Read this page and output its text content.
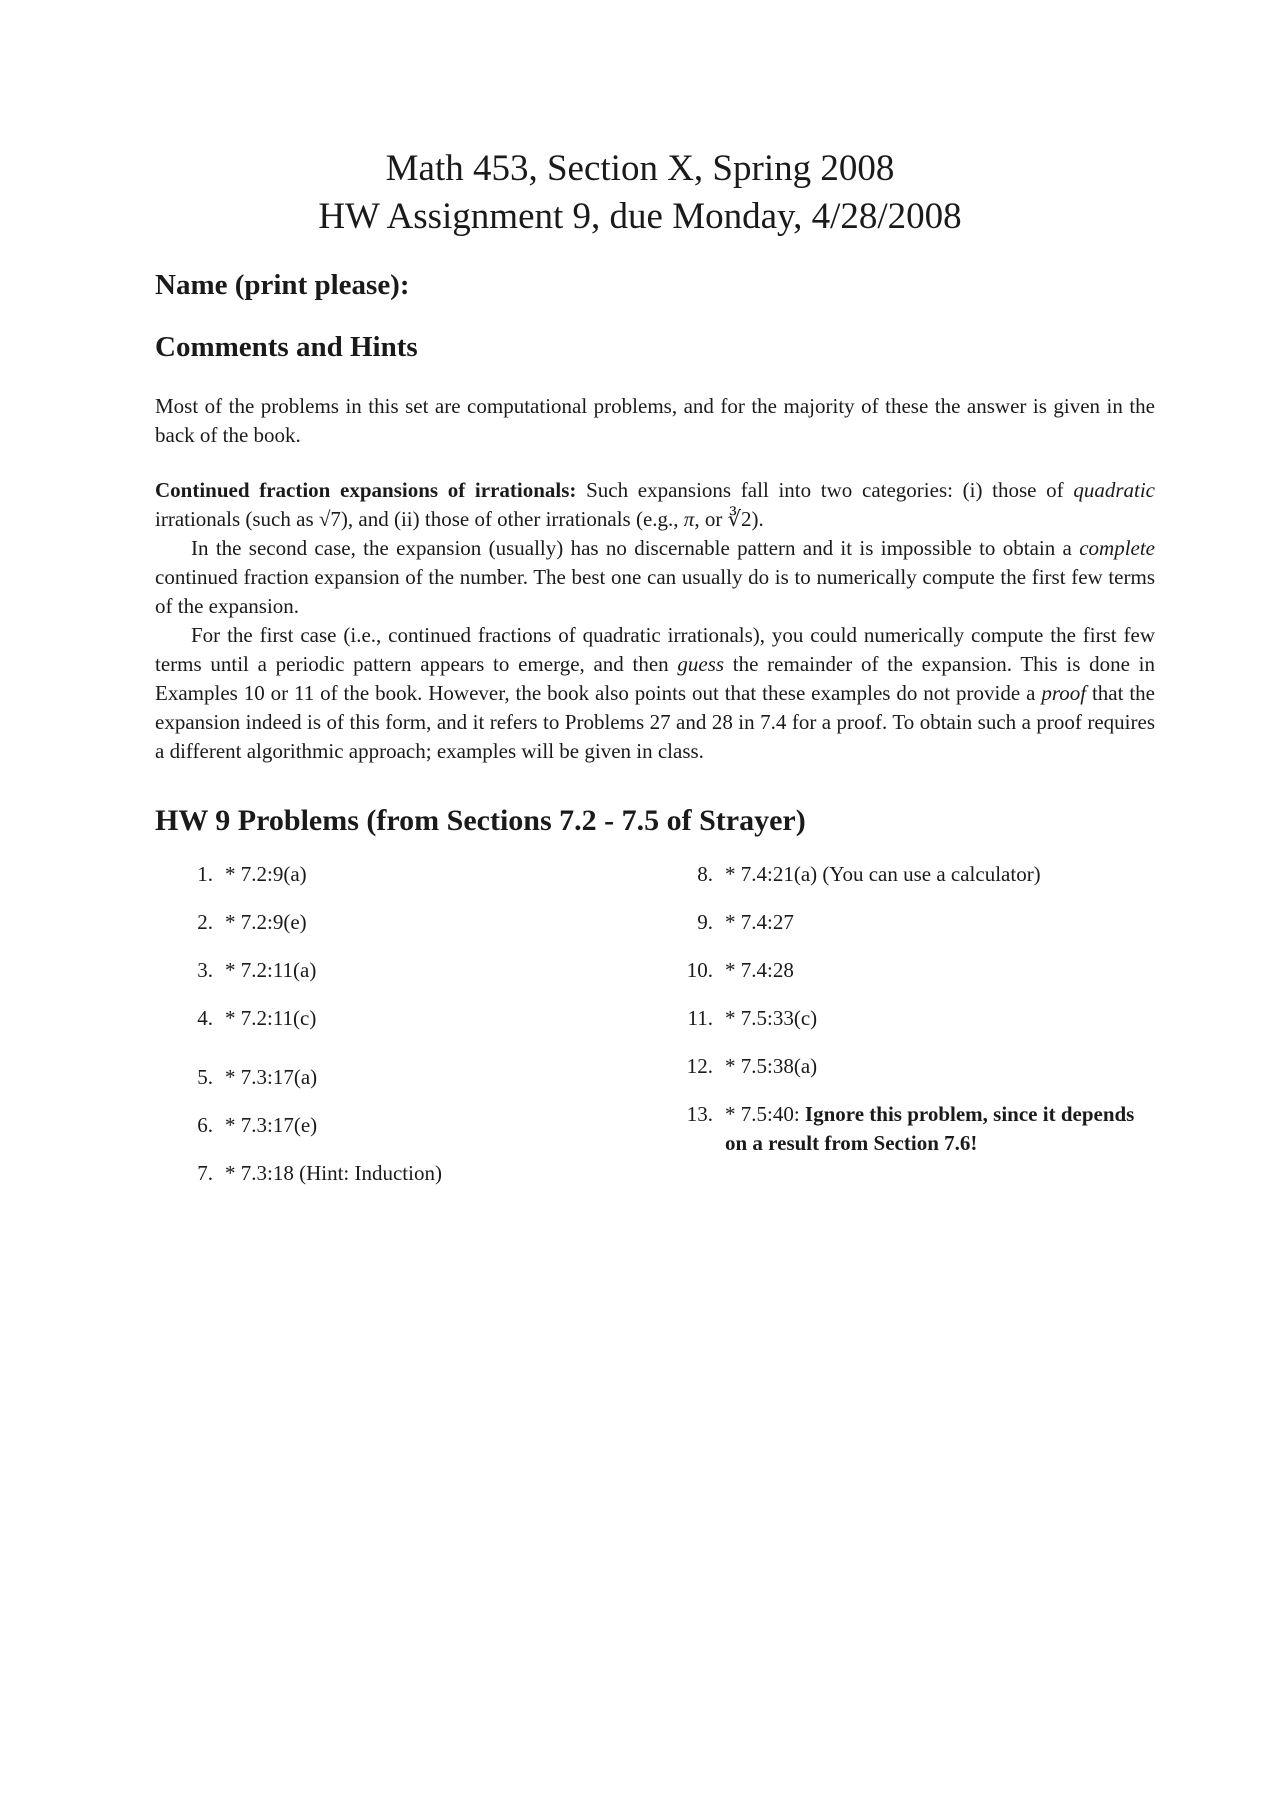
Math 453, Section X, Spring 2008
HW Assignment 9, due Monday, 4/28/2008
Name (print please):
Comments and Hints

Most of the problems in this set are computational problems, and for the majority of these the answer is given in the back of the book.

Continued fraction expansions of irrationals: Such expansions fall into two categories: (i) those of quadratic irrationals (such as √7), and (ii) those of other irrationals (e.g., π, or ∛2).

In the second case, the expansion (usually) has no discernable pattern and it is impossible to obtain a complete continued fraction expansion of the number. The best one can usually do is to numerically compute the first few terms of the expansion.

For the first case (i.e., continued fractions of quadratic irrationals), you could numerically compute the first few terms until a periodic pattern appears to emerge, and then guess the remainder of the expansion. This is done in Examples 10 or 11 of the book. However, the book also points out that these examples do not provide a proof that the expansion indeed is of this form, and it refers to Problems 27 and 28 in 7.4 for a proof. To obtain such a proof requires a different algorithmic approach; examples will be given in class.

HW 9 Problems (from Sections 7.2 - 7.5 of Strayer)
1. * 7.2:9(a)
2. * 7.2:9(e)
3. * 7.2:11(a)
4. * 7.2:11(c)
5. * 7.3:17(a)
6. * 7.3:17(e)
7. * 7.3:18 (Hint: Induction)
8. * 7.4:21(a) (You can use a calculator)
9. * 7.4:27
10. * 7.4:28
11. * 7.5:33(c)
12. * 7.5:38(a)
13. * 7.5:40: Ignore this problem, since it depends on a result from Section 7.6!
